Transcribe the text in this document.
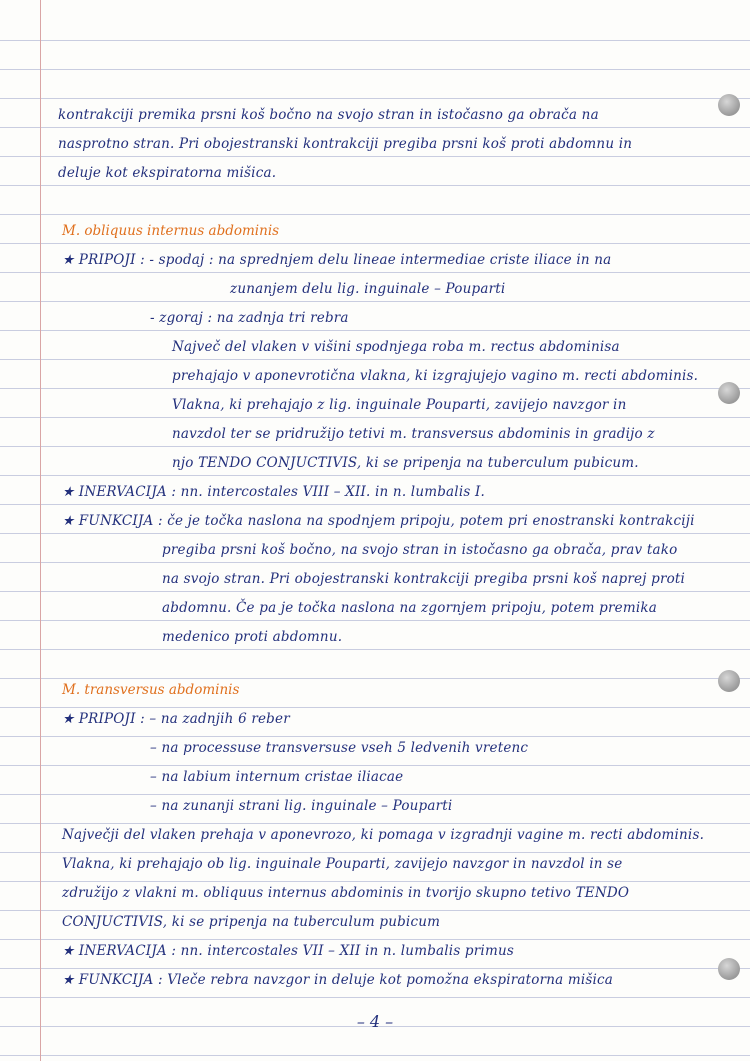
kontrakciji premika prsni koš bočno na svojo stran in istočasno ga obrača na
nasprotno stran. Pri obojestranski kontrakciji pregiba prsni koš proti abdomnu in
deluje kot ekspiratorna mišica.
M. obliquus internus abdominis
★ PRIPOJI : - spodaj : na sprednjem delu lineae intermediae criste iliace in na
zunanjem delu lig. inguinale – Pouparti
- zgoraj : na zadnja tri rebra
Največ del vlaken v višini spodnjega roba m. rectus abdominisa
prehajajo v aponevrotična vlakna, ki izgrajujejo vagino m. recti abdominis.
Vlakna, ki prehajajo z lig. inguinale Pouparti, zavijejo navzgor in
navzdol ter se pridružijo tetivi m. transversus abdominis in gradijo z
njo TENDO CONJUCTIVIS, ki se pripenja na tuberculum pubicum.
★ INERVACIJA : nn. intercostales VIII – XII. in n. lumbalis I.
★ FUNKCIJA : če je točka naslona na spodnjem pripoju, potem pri enostranski kontrakciji
pregiba prsni koš bočno, na svojo stran in istočasno ga obrača, prav tako
na svojo stran. Pri obojestranski kontrakciji pregiba prsni koš naprej proti
abdomnu. Če pa je točka naslona na zgornjem pripoju, potem premika
medenico proti abdomnu.
M. transversus abdominis
★ PRIPOJI : – na zadnjih 6 reber
– na processuse transversuse vseh 5 ledvenih vretenc
– na labium internum cristae iliacae
– na zunanji strani lig. inguinale – Pouparti
Največji del vlaken prehaja v aponevrozo, ki pomaga v izgradnji vagine m. recti abdominis.
Vlakna, ki prehajajo ob lig. inguinale Pouparti, zavijejo navzgor in navzdol in se
združijo z vlakni m. obliquus internus abdominis in tvorijo skupno tetivo TENDO
CONJUCTIVIS, ki se pripenja na tuberculum pubicum
★ INERVACIJA : nn. intercostales VII – XII in n. lumbalis primus
★ FUNKCIJA : Vleče rebra navzgor in deluje kot pomožna ekspiratorna mišica
– 4 –
